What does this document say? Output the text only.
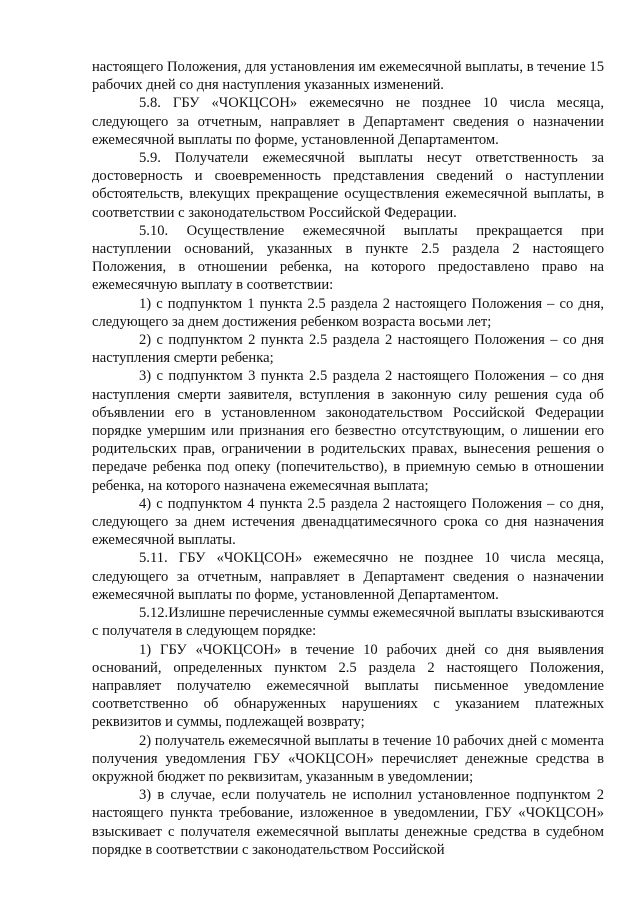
настоящего Положения, для установления им ежемесячной выплаты, в течение 15 рабочих дней со дня наступления указанных изменений.

5.8. ГБУ «ЧОКЦСОН» ежемесячно не позднее 10 числа месяца, следующего за отчетным, направляет в Департамент сведения о назначении ежемесячной выплаты по форме, установленной Департаментом.

5.9. Получатели ежемесячной выплаты несут ответственность за достоверность и своевременность представления сведений о наступлении обстоятельств, влекущих прекращение осуществления ежемесячной выплаты, в соответствии с законодательством Российской Федерации.

5.10. Осуществление ежемесячной выплаты прекращается при наступлении оснований, указанных в пункте 2.5 раздела 2 настоящего Положения, в отношении ребенка, на которого предоставлено право на ежемесячную выплату в соответствии:

1) с подпунктом 1 пункта 2.5 раздела 2 настоящего Положения – со дня, следующего за днем достижения ребенком возраста восьми лет;

2) с подпунктом 2 пункта 2.5 раздела 2 настоящего Положения – со дня наступления смерти ребенка;

3) с подпунктом 3 пункта 2.5 раздела 2 настоящего Положения – со дня наступления смерти заявителя, вступления в законную силу решения суда об объявлении его в установленном законодательством Российской Федерации порядке умершим или признания его безвестно отсутствующим, о лишении его родительских прав, ограничении в родительских правах, вынесения решения о передаче ребенка под опеку (попечительство), в приемную семью в отношении ребенка, на которого назначена ежемесячная выплата;

4) с подпунктом 4 пункта 2.5 раздела 2 настоящего Положения – со дня, следующего за днем истечения двенадцатимесячного срока со дня назначения ежемесячной выплаты.

5.11. ГБУ «ЧОКЦСОН» ежемесячно не позднее 10 числа месяца, следующего за отчетным, направляет в Департамент сведения о назначении ежемесячной выплаты по форме, установленной Департаментом.

5.12.Излишне перечисленные суммы ежемесячной выплаты взыскиваются с получателя в следующем порядке:

1) ГБУ «ЧОКЦСОН» в течение 10 рабочих дней со дня выявления оснований, определенных пунктом 2.5 раздела 2 настоящего Положения, направляет получателю ежемесячной выплаты письменное уведомление соответственно об обнаруженных нарушениях с указанием платежных реквизитов и суммы, подлежащей возврату;

2) получатель ежемесячной выплаты в течение 10 рабочих дней с момента получения уведомления ГБУ «ЧОКЦСОН» перечисляет денежные средства в окружной бюджет по реквизитам, указанным в уведомлении;

3) в случае, если получатель не исполнил установленное подпунктом 2 настоящего пункта требование, изложенное в уведомлении, ГБУ «ЧОКЦСОН» взыскивает с получателя ежемесячной выплаты денежные средства в судебном порядке в соответствии с законодательством Российской
